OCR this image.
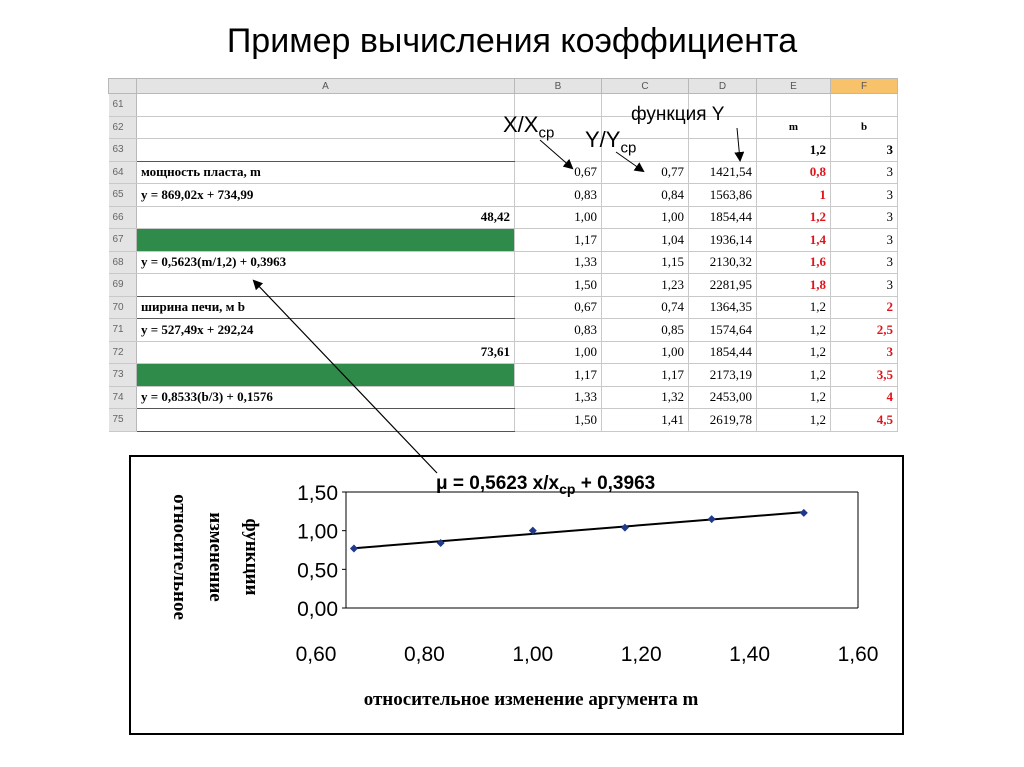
Пример вычисления коэффициента
	A	B	C	D	E	F
61						
62					m	b
63					1,2	3
64	мощность пласта, m	0,67	0,77	1421,54	0,8	3
65	y = 869,02x + 734,99	0,83	0,84	1563,86	1	3
66	48,42	1,00	1,00	1854,44	1,2	3
67		1,17	1,04	1936,14	1,4	3
68	y = 0,5623(m/1,2) + 0,3963	1,33	1,15	2130,32	1,6	3
69		1,50	1,23	2281,95	1,8	3
70	ширина печи, м b	0,67	0,74	1364,35	1,2	2
71	y = 527,49x + 292,24	0,83	0,85	1574,64	1,2	2,5
72	73,61	1,00	1,00	1854,44	1,2	3
73		1,17	1,17	2173,19	1,2	3,5
74	y = 0,8533(b/3) + 0,1576	1,33	1,32	2453,00	1,2	4
75		1,50	1,41	2619,78	1,2	4,5
$X/X_{ср}$ $Y/Y_{ср}$
функция Y
относительное изменение функции
0,00
0,50
1,00
1,50
0,60	0,80	1,00	1,20	1,40	1,60
относительное изменение аргумента m
μ = 0,5623 $x/x_{ср} + 0,3963$
